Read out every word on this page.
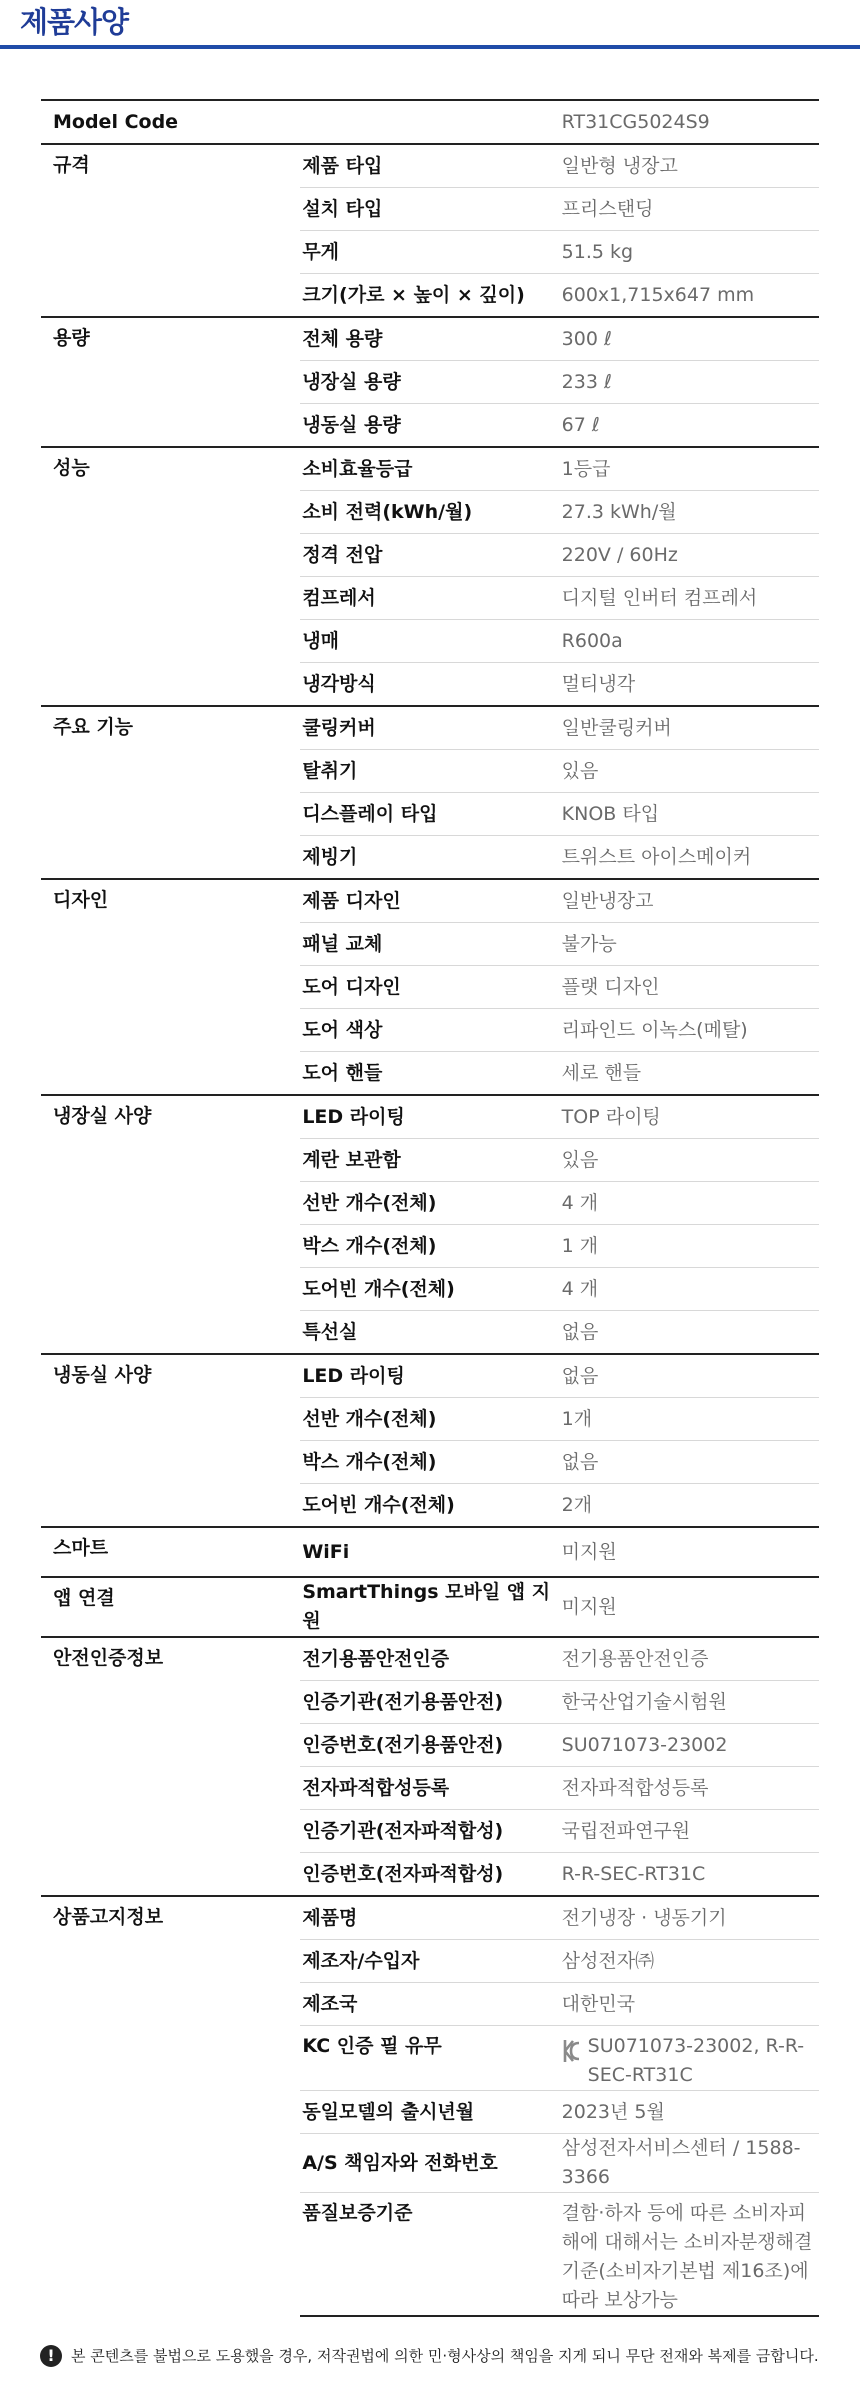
제품사양
Model Code		RT31CG5024S9
규격	제품 타입	일반형 냉장고
	설치 타입	프리스탠딩
	무게	51.5 kg
	크기(가로 × 높이 × 깊이)	600x1,715x647 mm
용량	전체 용량	300 ℓ
	냉장실 용량	233 ℓ
	냉동실 용량	67 ℓ
성능	소비효율등급	1등급
	소비 전력(kWh/월)	27.3 kWh/월
	정격 전압	220V / 60Hz
	컴프레서	디지털 인버터 컴프레서
	냉매	R600a
	냉각방식	멀티냉각
주요 기능	쿨링커버	일반쿨링커버
	탈취기	있음
	디스플레이 타입	KNOB 타입
	제빙기	트위스트 아이스메이커
디자인	제품 디자인	일반냉장고
	패널 교체	불가능
	도어 디자인	플랫 디자인
	도어 색상	리파인드 이녹스(메탈)
	도어 핸들	세로 핸들
냉장실 사양	LED 라이팅	TOP 라이팅
	계란 보관함	있음
	선반 개수(전체)	4 개
	박스 개수(전체)	1 개
	도어빈 개수(전체)	4 개
	특선실	없음
냉동실 사양	LED 라이팅	없음
	선반 개수(전체)	1개
	박스 개수(전체)	없음
	도어빈 개수(전체)	2개
스마트	WiFi	미지원
앱 연결	SmartThings 모바일 앱 지원	미지원
안전인증정보	전기용품안전인증	전기용품안전인증
	인증기관(전기용품안전)	한국산업기술시험원
	인증번호(전기용품안전)	SU071073-23002
	전자파적합성등록	전자파적합성등록
	인증기관(전자파적합성)	국립전파연구원
	인증번호(전자파적합성)	R-R-SEC-RT31C
상품고지정보	제품명	전기냉장 · 냉동기기
	제조자/수입자	삼성전자㈜
	제조국	대한민국
	KC 인증 필 유무	SU071073-23002, R-R-SEC-RT31C
	동일모델의 출시년월	2023년 5월
	A/S 책임자와 전화번호	삼성전자서비스센터 / 1588-3366
	품질보증기준	결함·하자 등에 따른 소비자피해에 대해서는 소비자분쟁해결기준(소비자기본법 제16조)에 따라 보상가능
!	본 콘텐츠를 불법으로 도용했을 경우, 저작권법에 의한 민·형사상의 책임을 지게 되니 무단 전재와 복제를 금합니다.
